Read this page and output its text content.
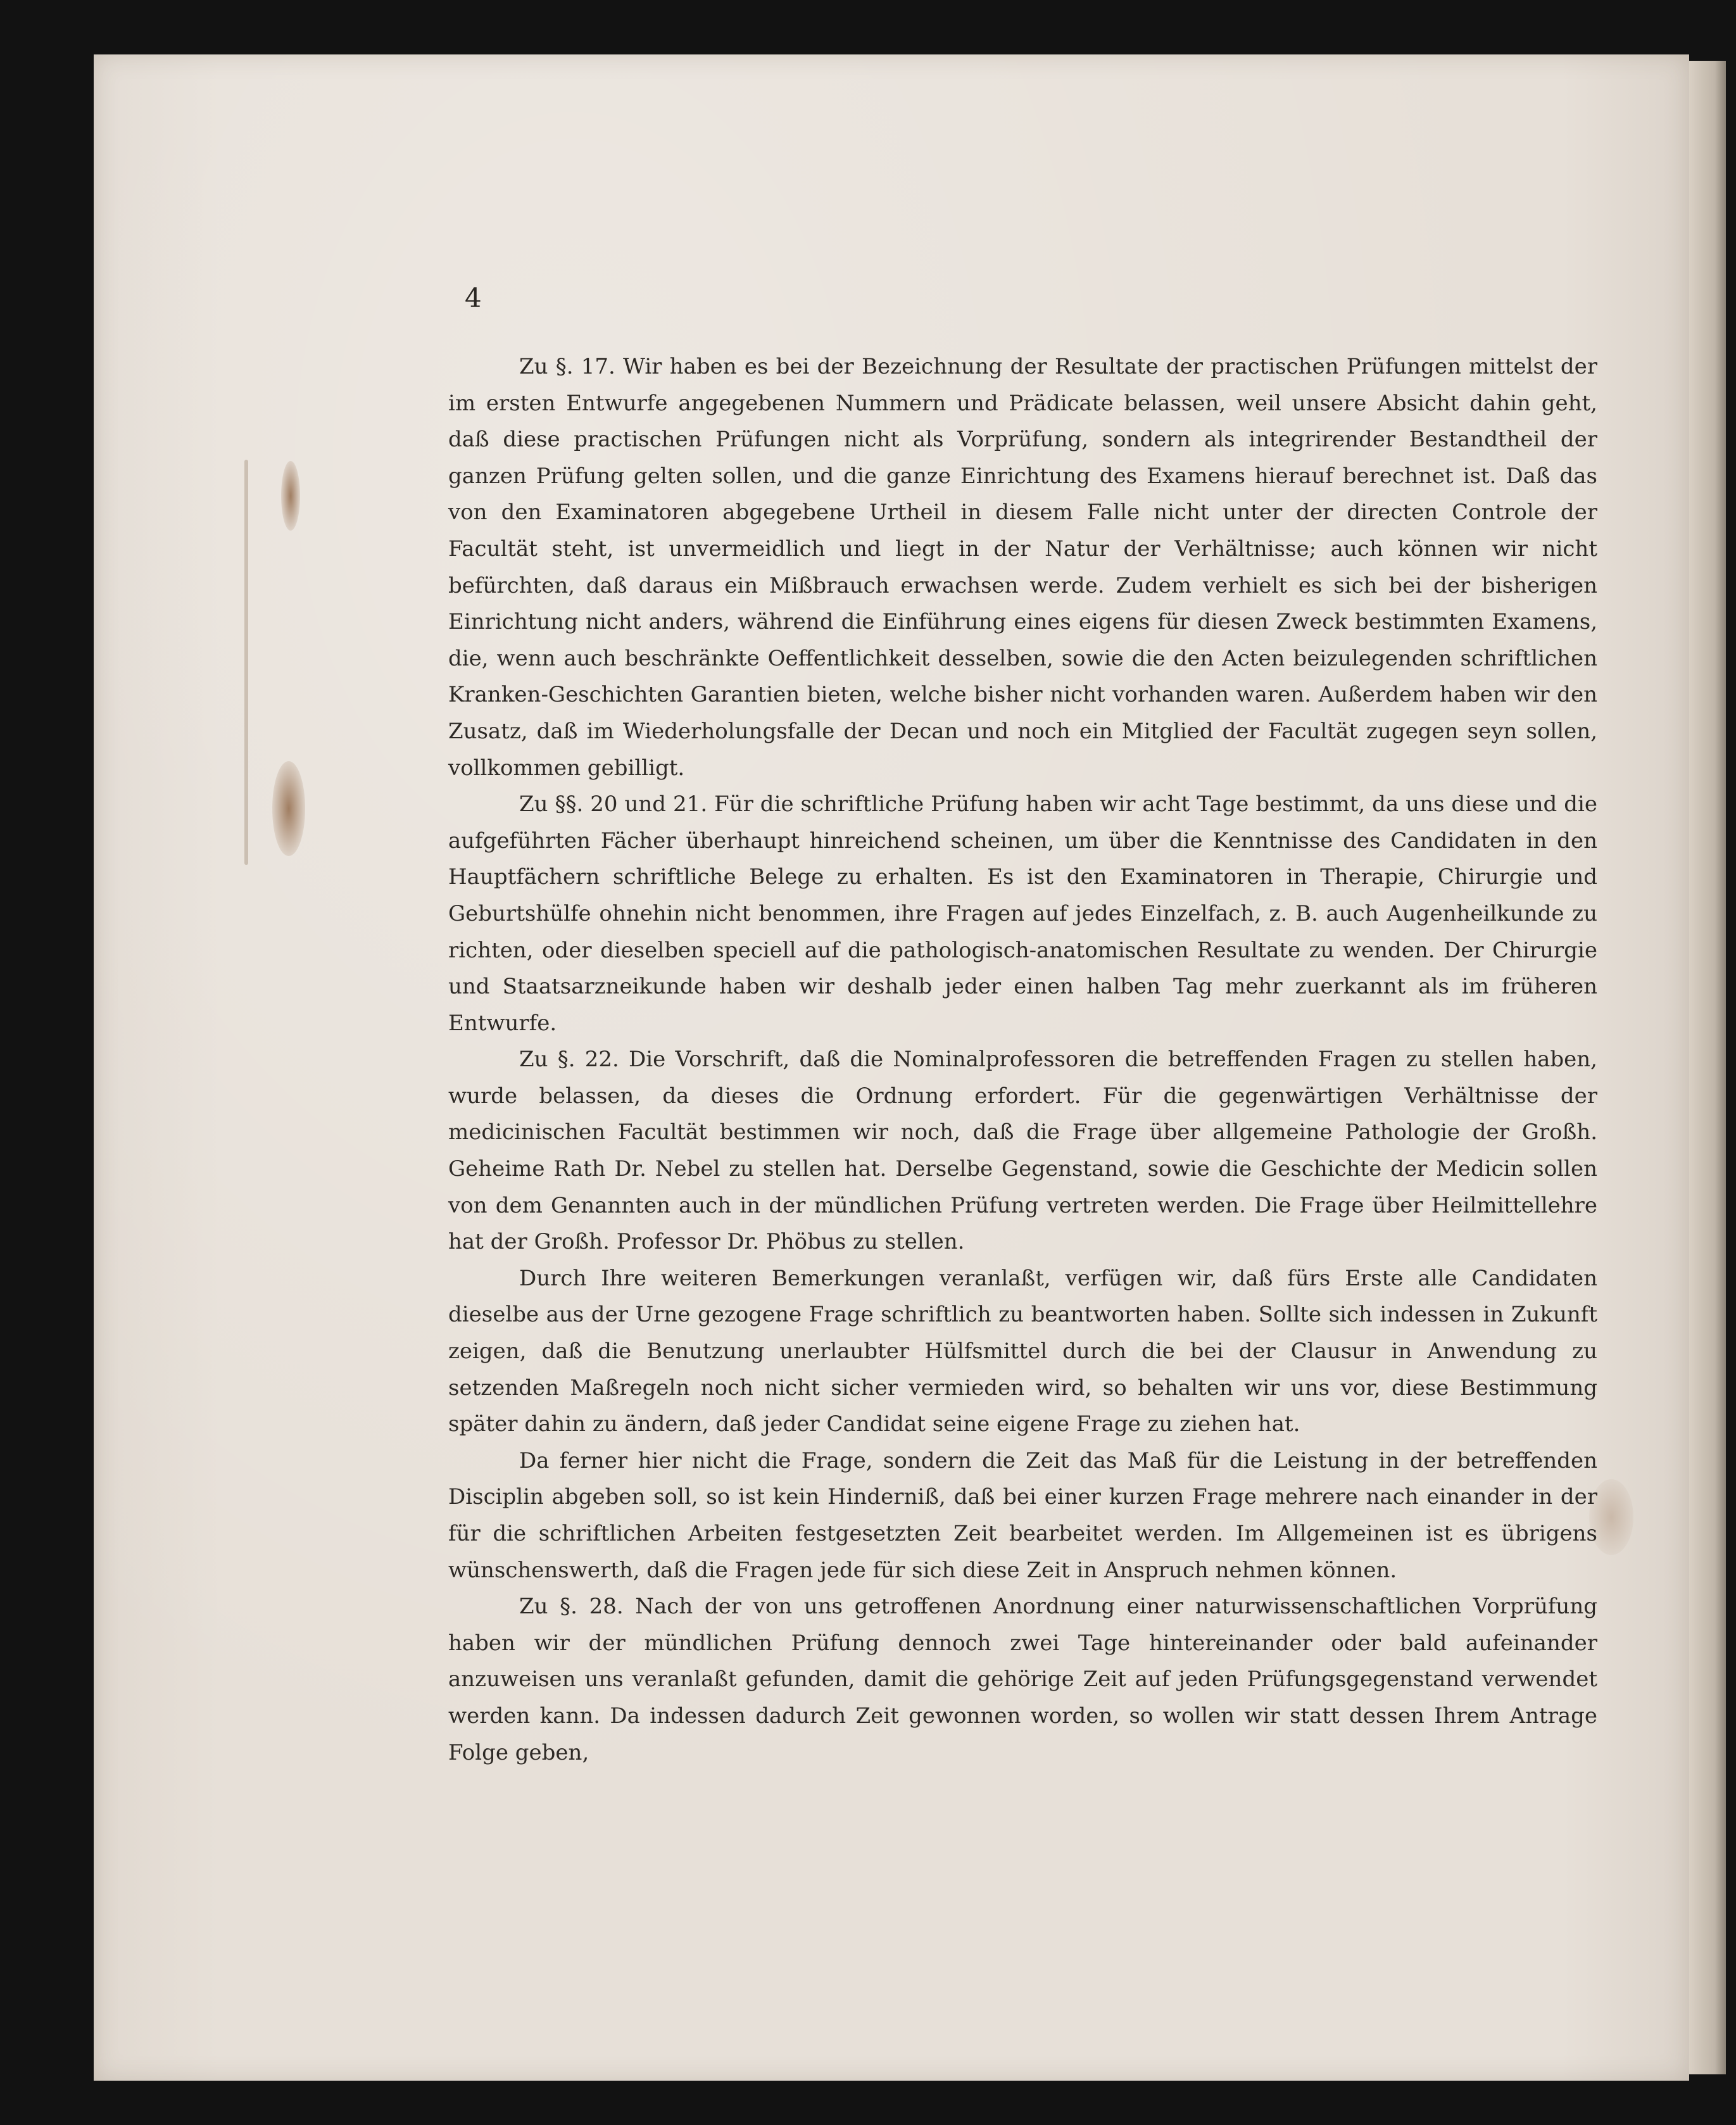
4

Zu §. 17. Wir haben es bei der Bezeichnung der Resultate der practischen Prüfungen mittelst der im ersten Entwurfe angegebenen Nummern und Prädicate belassen, weil unsere Absicht dahin geht, daß diese practischen Prüfungen nicht als Vorprüfung, sondern als integrirender Bestandtheil der ganzen Prüfung gelten sollen, und die ganze Einrichtung des Examens hierauf berechnet ist. Daß das von den Examinatoren abgegebene Urtheil in diesem Falle nicht unter der directen Controle der Facultät steht, ist unvermeidlich und liegt in der Natur der Verhältnisse; auch können wir nicht befürchten, daß daraus ein Mißbrauch erwachsen werde. Zudem verhielt es sich bei der bisherigen Einrichtung nicht anders, während die Einführung eines eigens für diesen Zweck bestimmten Examens, die, wenn auch beschränkte Oeffentlichkeit desselben, sowie die den Acten beizulegenden schriftlichen Kranken-Geschichten Garantien bieten, welche bisher nicht vorhanden waren. Außerdem haben wir den Zusatz, daß im Wiederholungsfalle der Decan und noch ein Mitglied der Facultät zugegen seyn sollen, vollkommen gebilligt.

Zu §§. 20 und 21. Für die schriftliche Prüfung haben wir acht Tage bestimmt, da uns diese und die aufgeführten Fächer überhaupt hinreichend scheinen, um über die Kenntnisse des Candidaten in den Hauptfächern schriftliche Belege zu erhalten. Es ist den Examinatoren in Therapie, Chirurgie und Geburtshülfe ohnehin nicht benommen, ihre Fragen auf jedes Einzelfach, z. B. auch Augenheilkunde zu richten, oder dieselben speciell auf die pathologisch-anatomischen Resultate zu wenden. Der Chirurgie und Staatsarzneikunde haben wir deshalb jeder einen halben Tag mehr zuerkannt als im früheren Entwurfe.

Zu §. 22. Die Vorschrift, daß die Nominalprofessoren die betreffenden Fragen zu stellen haben, wurde belassen, da dieses die Ordnung erfordert. Für die gegenwärtigen Verhältnisse der medicinischen Facultät bestimmen wir noch, daß die Frage über allgemeine Pathologie der Großh. Geheime Rath Dr. Nebel zu stellen hat. Derselbe Gegenstand, sowie die Geschichte der Medicin sollen von dem Genannten auch in der mündlichen Prüfung vertreten werden. Die Frage über Heilmittellehre hat der Großh. Professor Dr. Phöbus zu stellen.

Durch Ihre weiteren Bemerkungen veranlaßt, verfügen wir, daß fürs Erste alle Candidaten dieselbe aus der Urne gezogene Frage schriftlich zu beantworten haben. Sollte sich indessen in Zukunft zeigen, daß die Benutzung unerlaubter Hülfsmittel durch die bei der Clausur in Anwendung zu setzenden Maßregeln noch nicht sicher vermieden wird, so behalten wir uns vor, diese Bestimmung später dahin zu ändern, daß jeder Candidat seine eigene Frage zu ziehen hat.

Da ferner hier nicht die Frage, sondern die Zeit das Maß für die Leistung in der betreffenden Disciplin abgeben soll, so ist kein Hinderniß, daß bei einer kurzen Frage mehrere nach einander in der für die schriftlichen Arbeiten festgesetzten Zeit bearbeitet werden. Im Allgemeinen ist es übrigens wünschenswerth, daß die Fragen jede für sich diese Zeit in Anspruch nehmen können.

Zu §. 28. Nach der von uns getroffenen Anordnung einer naturwissenschaftlichen Vorprüfung haben wir der mündlichen Prüfung dennoch zwei Tage hintereinander oder bald aufeinander anzuweisen uns veranlaßt gefunden, damit die gehörige Zeit auf jeden Prüfungsgegenstand verwendet werden kann. Da indessen dadurch Zeit gewonnen worden, so wollen wir statt dessen Ihrem Antrage Folge geben,
